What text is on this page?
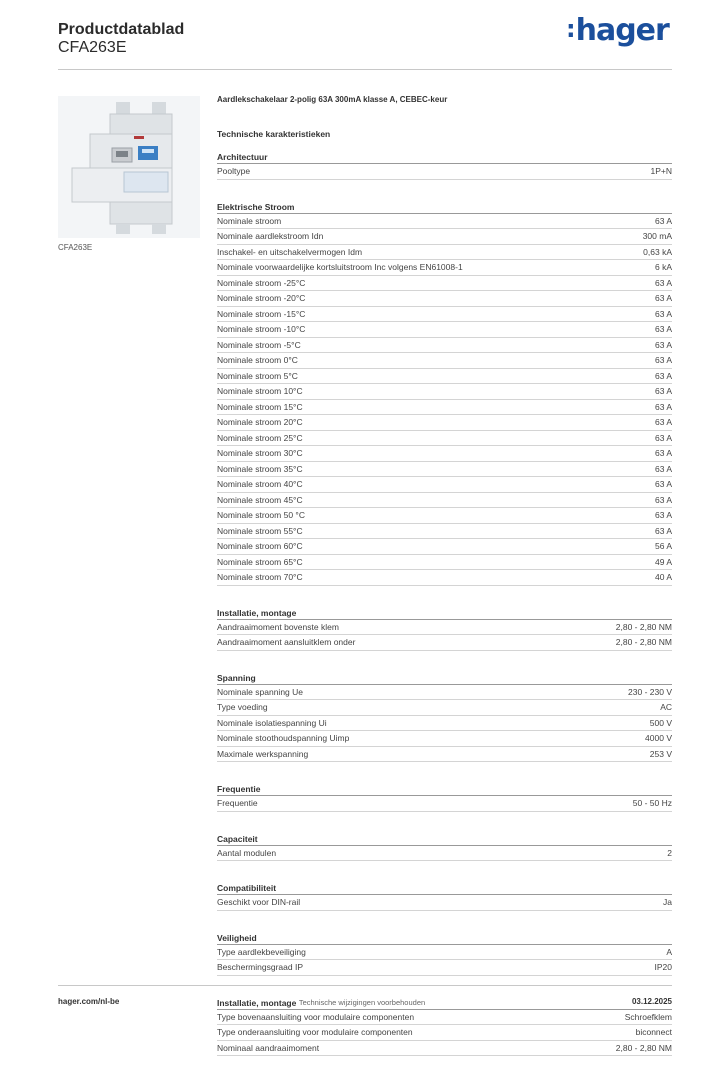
Productdatablad
CFA263E
:hager
CFA263E
Aardlekschakelaar 2-polig 63A 300mA klasse A, CEBEC-keur
Technische karakteristieken
Architectuur
Pooltype	1P+N
Elektrische Stroom
Nominale stroom	63 A
Nominale aardlekstroom Idn	300 mA
Inschakel- en uitschakelvermogen Idm	0,63 kA
Nominale voorwaardelijke kortsluitstroom Inc volgens EN61008-1	6 kA
Nominale stroom -25°C	63 A
Nominale stroom -20°C	63 A
Nominale stroom -15°C	63 A
Nominale stroom -10°C	63 A
Nominale stroom -5°C	63 A
Nominale stroom 0°C	63 A
Nominale stroom 5°C	63 A
Nominale stroom 10°C	63 A
Nominale stroom 15°C	63 A
Nominale stroom 20°C	63 A
Nominale stroom 25°C	63 A
Nominale stroom 30°C	63 A
Nominale stroom 35°C	63 A
Nominale stroom 40°C	63 A
Nominale stroom 45°C	63 A
Nominale stroom 50 °C	63 A
Nominale stroom 55°C	63 A
Nominale stroom 60°C	56 A
Nominale stroom 65°C	49 A
Nominale stroom 70°C	40 A
Installatie, montage
Aandraaimoment bovenste klem	2,80 - 2,80 NM
Aandraaimoment aansluitklem onder	2,80 - 2,80 NM
Spanning
Nominale spanning Ue	230 - 230 V
Type voeding	AC
Nominale isolatiespanning Ui	500 V
Nominale stoothoudspanning Uimp	4000 V
Maximale werkspanning	253 V
Frequentie
Frequentie	50 - 50 Hz
Capaciteit
Aantal modulen	2
Compatibiliteit
Geschikt voor DIN-rail	Ja
Veiligheid
Type aardlekbeveiliging	A
Beschermingsgraad IP	IP20
Installatie, montage
Type bovenaansluiting voor modulaire componenten	Schroefklem
Type onderaansluiting voor modulaire componenten	biconnect
Nominaal aandraaimoment	2,80 - 2,80 NM
hager.com/nl-be	Technische wijzigingen voorbehouden	03.12.2025
